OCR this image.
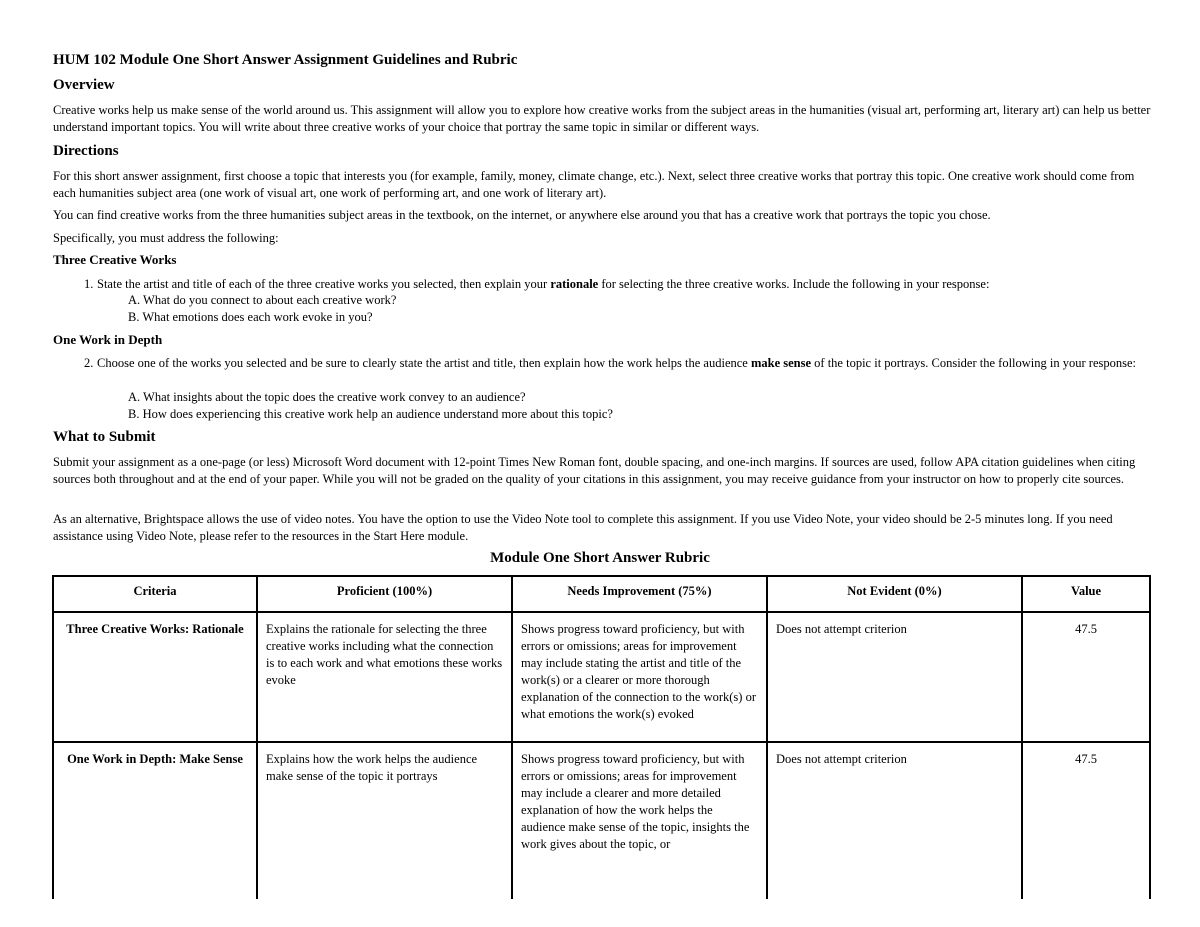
HUM 102 Module One Short Answer Assignment Guidelines and Rubric

Overview

Creative works help us make sense of the world around us. This assignment will allow you to explore how creative works from the subject areas in the humanities (visual art, performing art, literary art) can help us better understand important topics. You will write about three creative works of your choice that portray the same topic in similar or different ways.

Directions

For this short answer assignment, first choose a topic that interests you (for example, family, money, climate change, etc.). Next, select three creative works that portray this topic. One creative work should come from each humanities subject area (one work of visual art, one work of performing art, and one work of literary art).

You can find creative works from the three humanities subject areas in the textbook, on the internet, or anywhere else around you that has a creative work that portrays the topic you chose.

Specifically, you must address the following:

Three Creative Works

1. State the artist and title of each of the three creative works you selected, then explain your rationale for selecting the three creative works. Include the following in your response:

A. What do you connect to about each creative work?

B. What emotions does each work evoke in you?

One Work in Depth

2. Choose one of the works you selected and be sure to clearly state the artist and title, then explain how the work helps the audience make sense of the topic it portrays. Consider the following in your response:

A. What insights about the topic does the creative work convey to an audience?

B. How does experiencing this creative work help an audience understand more about this topic?

What to Submit

Submit your assignment as a one-page (or less) Microsoft Word document with 12-point Times New Roman font, double spacing, and one-inch margins. If sources are used, follow APA citation guidelines when citing sources both throughout and at the end of your paper. While you will not be graded on the quality of your citations in this assignment, you may receive guidance from your instructor on how to properly cite sources.

As an alternative, Brightspace allows the use of video notes. You have the option to use the Video Note tool to complete this assignment. If you use Video Note, your video should be 2-5 minutes long. If you need assistance using Video Note, please refer to the resources in the Start Here module.

Module One Short Answer Rubric

Criteria	Proficient (100%)	Needs Improvement (75%)	Not Evident (0%)	Value
Three Creative Works: Rationale	Explains the rationale for selecting the three creative works including what the connection is to each work and what emotions these works evoke	Shows progress toward proficiency, but with errors or omissions; areas for improvement may include stating the artist and title of the work(s) or a clearer or more thorough explanation of the connection to the work(s) or what emotions the work(s) evoked	Does not attempt criterion	47.5
One Work in Depth: Make Sense	Explains how the work helps the audience make sense of the topic it portrays	Shows progress toward proficiency, but with errors or omissions; areas for improvement may include a clearer and more detailed explanation of how the work helps the audience make sense of the topic, insights the work gives about the topic, or	Does not attempt criterion	47.5
